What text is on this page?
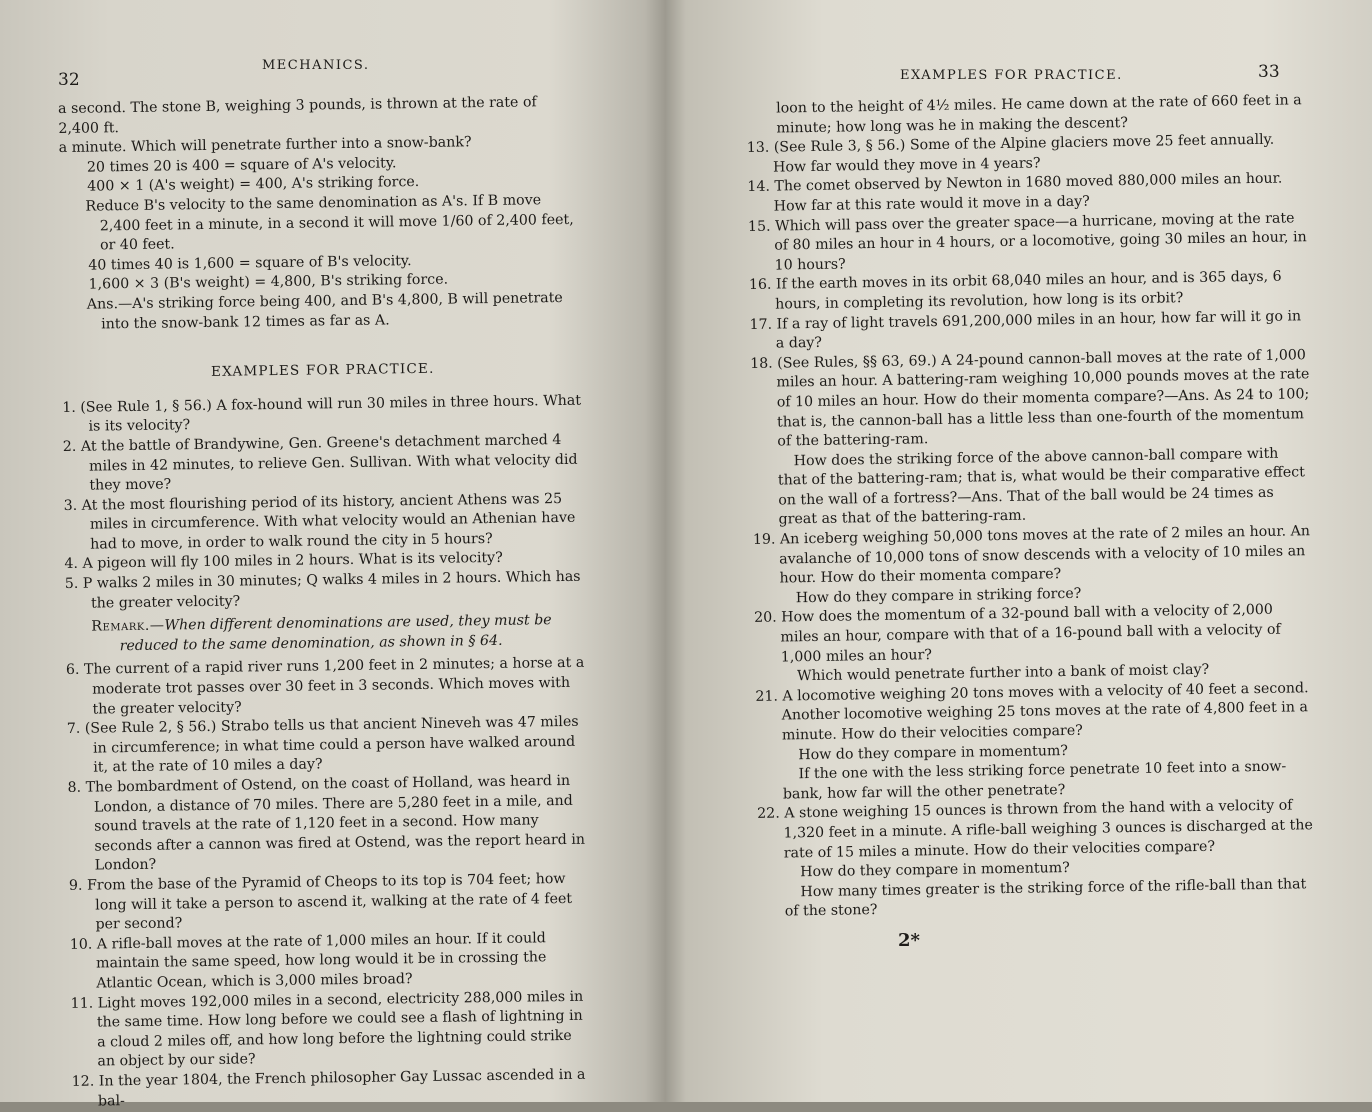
32
MECHANICS.

a second. The stone B, weighing 3 pounds, is thrown at the rate of 2,400 ft.

a minute. Which will penetrate further into a snow-bank?

20 times 20 is 400 = square of A's velocity.

400 × 1 (A's weight) = 400, A's striking force.

Reduce B's velocity to the same denomination as A's. If B move 2,400 feet in a minute, in a second it will move 1/60 of 2,400 feet, or 40 feet.

40 times 40 is 1,600 = square of B's velocity.

1,600 × 3 (B's weight) = 4,800, B's striking force.

Ans.—A's striking force being 400, and B's 4,800, B will penetrate into the snow-bank 12 times as far as A.

EXAMPLES FOR PRACTICE.

1. (See Rule 1, § 56.) A fox-hound will run 30 miles in three hours. What is its velocity?

2. At the battle of Brandywine, Gen. Greene's detachment marched 4 miles in 42 minutes, to relieve Gen. Sullivan. With what velocity did they move?

3. At the most flourishing period of its history, ancient Athens was 25 miles in circumference. With what velocity would an Athenian have had to move, in order to walk round the city in 5 hours?

4. A pigeon will fly 100 miles in 2 hours. What is its velocity?

5. P walks 2 miles in 30 minutes; Q walks 4 miles in 2 hours. Which has the greater velocity?

Remark.—When different denominations are used, they must be reduced to the same denomination, as shown in § 64.

6. The current of a rapid river runs 1,200 feet in 2 minutes; a horse at a moderate trot passes over 30 feet in 3 seconds. Which moves with the greater velocity?

7. (See Rule 2, § 56.) Strabo tells us that ancient Nineveh was 47 miles in circumference; in what time could a person have walked around it, at the rate of 10 miles a day?

8. The bombardment of Ostend, on the coast of Holland, was heard in London, a distance of 70 miles. There are 5,280 feet in a mile, and sound travels at the rate of 1,120 feet in a second. How many seconds after a cannon was fired at Ostend, was the report heard in London?

9. From the base of the Pyramid of Cheops to its top is 704 feet; how long will it take a person to ascend it, walking at the rate of 4 feet per second?

10. A rifle-ball moves at the rate of 1,000 miles an hour. If it could maintain the same speed, how long would it be in crossing the Atlantic Ocean, which is 3,000 miles broad?

11. Light moves 192,000 miles in a second, electricity 288,000 miles in the same time. How long before we could see a flash of lightning in a cloud 2 miles off, and how long before the lightning could strike an object by our side?

12. In the year 1804, the French philosopher Gay Lussac ascended in a bal-

EXAMPLES FOR PRACTICE.	33

loon to the height of 4½ miles. He came down at the rate of 660 feet in a minute; how long was he in making the descent?

13. (See Rule 3, § 56.) Some of the Alpine glaciers move 25 feet annually. How far would they move in 4 years?

14. The comet observed by Newton in 1680 moved 880,000 miles an hour. How far at this rate would it move in a day?

15. Which will pass over the greater space—a hurricane, moving at the rate of 80 miles an hour in 4 hours, or a locomotive, going 30 miles an hour, in 10 hours?

16. If the earth moves in its orbit 68,040 miles an hour, and is 365 days, 6 hours, in completing its revolution, how long is its orbit?

17. If a ray of light travels 691,200,000 miles in an hour, how far will it go in a day?

18. (See Rules, §§ 63, 69.) A 24-pound cannon-ball moves at the rate of 1,000 miles an hour. A battering-ram weighing 10,000 pounds moves at the rate of 10 miles an hour. How do their momenta compare?—Ans. As 24 to 100; that is, the cannon-ball has a little less than one-fourth of the momentum of the battering-ram.

How does the striking force of the above cannon-ball compare with that of the battering-ram; that is, what would be their comparative effect on the wall of a fortress?—Ans. That of the ball would be 24 times as great as that of the battering-ram.

19. An iceberg weighing 50,000 tons moves at the rate of 2 miles an hour. An avalanche of 10,000 tons of snow descends with a velocity of 10 miles an hour. How do their momenta compare?

How do they compare in striking force?

20. How does the momentum of a 32-pound ball with a velocity of 2,000 miles an hour, compare with that of a 16-pound ball with a velocity of 1,000 miles an hour?

Which would penetrate further into a bank of moist clay?

21. A locomotive weighing 20 tons moves with a velocity of 40 feet a second. Another locomotive weighing 25 tons moves at the rate of 4,800 feet in a minute. How do their velocities compare?

How do they compare in momentum?

If the one with the less striking force penetrate 10 feet into a snow-bank, how far will the other penetrate?

22. A stone weighing 15 ounces is thrown from the hand with a velocity of 1,320 feet in a minute. A rifle-ball weighing 3 ounces is discharged at the rate of 15 miles a minute. How do their velocities compare?

How do they compare in momentum?

How many times greater is the striking force of the rifle-ball than that of the stone?

2*
